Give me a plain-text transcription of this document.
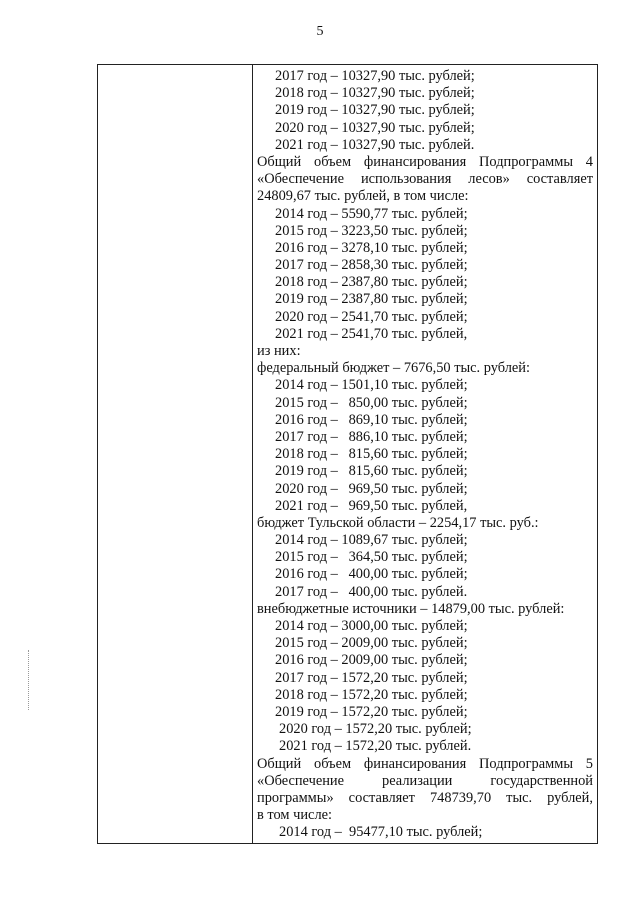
5
2017 год – 10327,90 тыс. рублей;
2018 год – 10327,90 тыс. рублей;
2019 год – 10327,90 тыс. рублей;
2020 год – 10327,90 тыс. рублей;
2021 год – 10327,90 тыс. рублей.
Общий объем финансирования Подпрограммы 4
«Обеспечение использования лесов» составляет
24809,67 тыс. рублей, в том числе:
2014 год – 5590,77 тыс. рублей;
2015 год – 3223,50 тыс. рублей;
2016 год – 3278,10 тыс. рублей;
2017 год – 2858,30 тыс. рублей;
2018 год – 2387,80 тыс. рублей;
2019 год – 2387,80 тыс. рублей;
2020 год – 2541,70 тыс. рублей;
2021 год – 2541,70 тыс. рублей,
из них:
федеральный бюджет – 7676,50 тыс. рублей:
2014 год – 1501,10 тыс. рублей;
2015 год –   850,00 тыс. рублей;
2016 год –   869,10 тыс. рублей;
2017 год –   886,10 тыс. рублей;
2018 год –   815,60 тыс. рублей;
2019 год –   815,60 тыс. рублей;
2020 год –   969,50 тыс. рублей;
2021 год –   969,50 тыс. рублей,
бюджет Тульской области – 2254,17 тыс. руб.:
2014 год – 1089,67 тыс. рублей;
2015 год –   364,50 тыс. рублей;
2016 год –   400,00 тыс. рублей;
2017 год –   400,00 тыс. рублей.
внебюджетные источники – 14879,00 тыс. рублей:
2014 год – 3000,00 тыс. рублей;
2015 год – 2009,00 тыс. рублей;
2016 год – 2009,00 тыс. рублей;
2017 год – 1572,20 тыс. рублей;
2018 год – 1572,20 тыс. рублей;
2019 год – 1572,20 тыс. рублей;
2020 год – 1572,20 тыс. рублей;
2021 год – 1572,20 тыс. рублей.
Общий объем финансирования Подпрограммы 5
«Обеспечение реализации государственной
программы» составляет 748739,70 тыс. рублей,
в том числе:
2014 год –  95477,10 тыс. рублей;
